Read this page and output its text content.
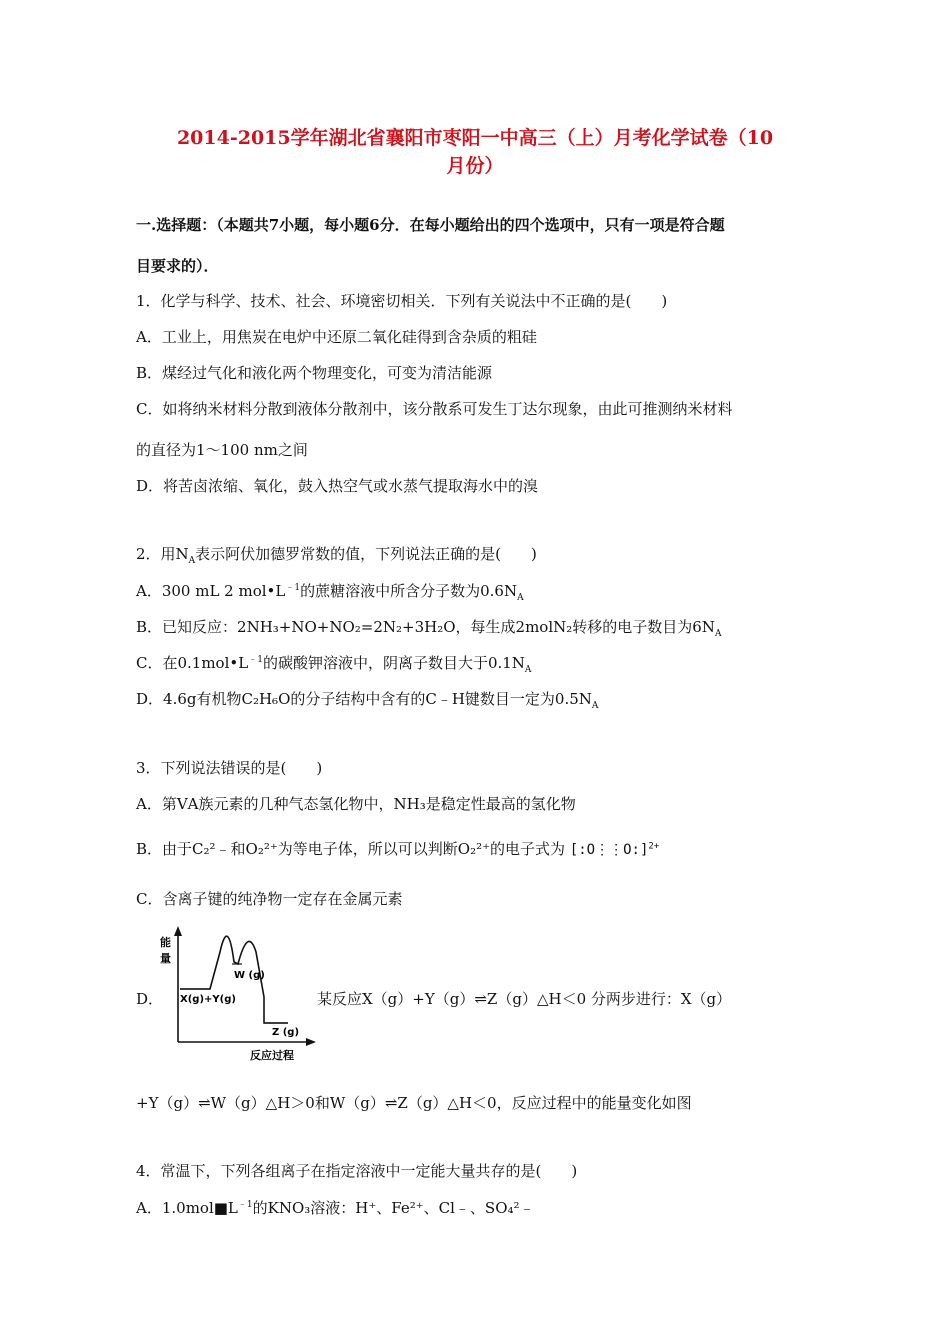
2014-2015学年湖北省襄阳市枣阳一中高三（上）月考化学试卷（10
月份）
一.选择题：（本题共7小题，每小题6分．在每小题给出的四个选项中，只有一项是符合题
目要求的）．
1．化学与科学、技术、社会、环境密切相关．下列有关说法中不正确的是(　　)
A．工业上，用焦炭在电炉中还原二氧化硅得到含杂质的粗硅
B．煤经过气化和液化两个物理变化，可变为清洁能源
C．如将纳米材料分散到液体分散剂中，该分散系可发生丁达尔现象，由此可推测纳米材料
的直径为1～100 nm之间
D．将苦卤浓缩、氧化，鼓入热空气或水蒸气提取海水中的溴
2．用$N_A$表示阿伏加德罗常数的值，下列说法正确的是(　　)
A．300 mL 2 $mol•L^{﹣1}$的蔗糖溶液中所含分子数为$0.6N_A$
B．已知反应：2NH₃+NO+NO₂=2N₂+3H₂O，每生成2molN₂转移的电子数目为$6N_A$
C．在$0.1mol•L^{﹣1}$的碳酸钾溶液中，阴离子数目大于$0.1N_A$
D．4.6g有机物C₂H₆O的分子结构中含有的C﹣H键数目一定为$0.5N_A$
3．下列说法错误的是(　　)
A．第ⅤA族元素的几种气态氢化物中，NH₃是稳定性最高的氢化物
B．由于C₂²﹣和O₂²⁺为等电子体，所以可以判断O₂²⁺的电子式为 [:O⋮⋮O:]$^{2+}$
C．含离子键的纯净物一定存在金属元素
D．
能
量
X(g)+Y(g)
W (g)
Z (g)
反应过程
某反应X（g）+Y（g）⇌Z（g）△H＜0 分两步进行：X（g）
+Y（g）⇌W（g）△H＞0和W（g）⇌Z（g）△H＜0，反应过程中的能量变化如图
4．常温下，下列各组离子在指定溶液中一定能大量共存的是(　　)
A．$1.0mol■L^{﹣1}$的KNO₃溶液：H⁺、Fe²⁺、Cl﹣、SO₄²﹣
